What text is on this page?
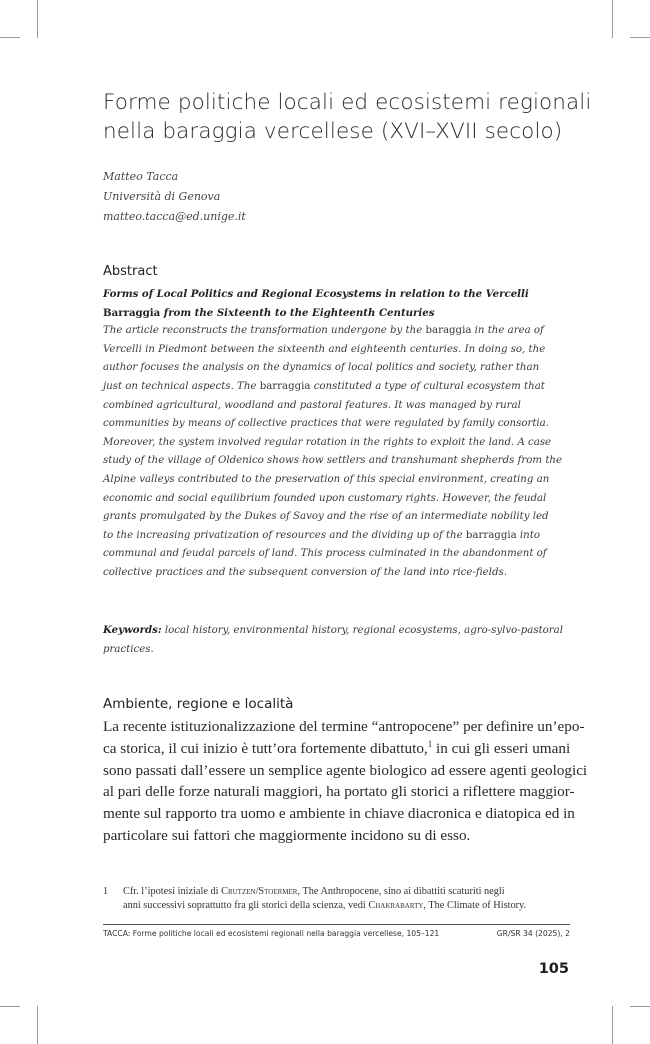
Forme politiche locali ed ecosistemi regionali
nella baraggia vercellese (XVI–XVII secolo)
Matteo Tacca
Università di Genova
matteo.tacca@ed.unige.it
Abstract
Forms of Local Politics and Regional Ecosystems in relation to the Vercelli
Barraggia from the Sixteenth to the Eighteenth Centuries
The article reconstructs the transformation undergone by the baraggia in the area of
Vercelli in Piedmont between the sixteenth and eighteenth centuries. In doing so, the
author focuses the analysis on the dynamics of local politics and society, rather than
just on technical aspects. The barraggia constituted a type of cultural ecosystem that
combined agricultural, woodland and pastoral features. It was managed by rural
communities by means of collective practices that were regulated by family consortia.
Moreover, the system involved regular rotation in the rights to exploit the land. A case
study of the village of Oldenico shows how settlers and transhumant shepherds from the
Alpine valleys contributed to the preservation of this special environment, creating an
economic and social equilibrium founded upon customary rights. However, the feudal
grants promulgated by the Dukes of Savoy and the rise of an intermediate nobility led
to the increasing privatization of resources and the dividing up of the barraggia into
communal and feudal parcels of land. This process culminated in the abandonment of
collective practices and the subsequent conversion of the land into rice-fields.
Keywords: local history, environmental history, regional ecosystems, agro-sylvo-pastoral
practices.
Ambiente, regione e località
La recente istituzionalizzazione del termine “antropocene” per definire un’epo-
ca storica, il cui inizio è tutt’ora fortemente dibattuto,$^1$ in cui gli esseri umani
sono passati dall’essere un semplice agente biologico ad essere agenti geologici
al pari delle forze naturali maggiori, ha portato gli storici a riflettere maggior-
mente sul rapporto tra uomo e ambiente in chiave diacronica e diatopica ed in
particolare sui fattori che maggiormente incidono su di esso.
1 Cfr. l’ipotesi iniziale di Crutzen/Stoermer, The Anthropocene, sino ai dibattiti scaturiti negli
anni successivi soprattutto fra gli storici della scienza, vedi Chakrabarty, The Climate of History.
TACCA: Forme politiche locali ed ecosistemi regionali nella baraggia vercellese, 105–121	GR/SR 34 (2025), 2
105
